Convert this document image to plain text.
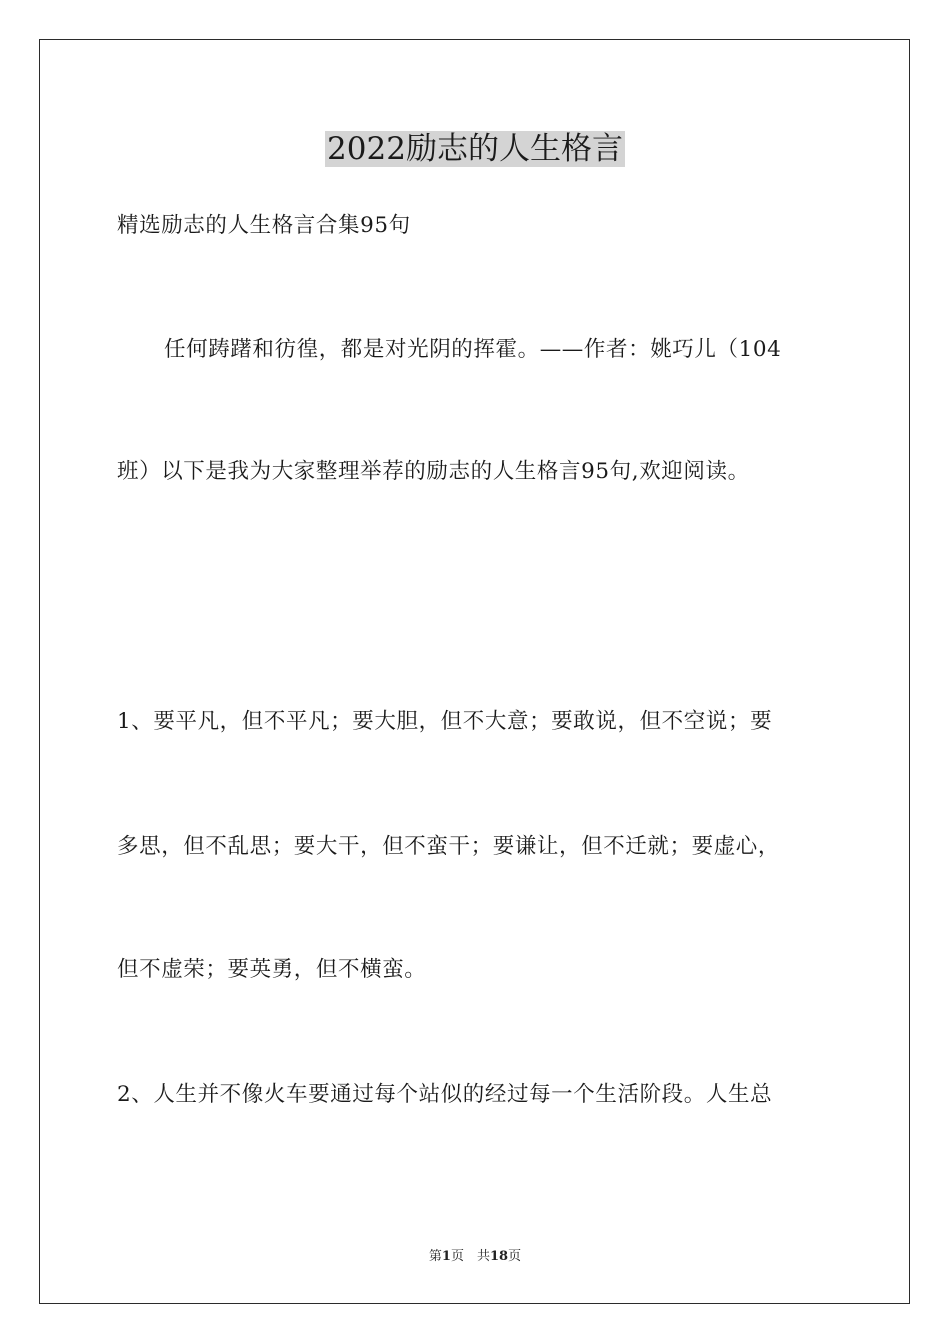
2022励志的人生格言

精选励志的人生格言合集95句

任何踌躇和彷徨，都是对光阴的挥霍。——作者：姚巧儿（104

班）以下是我为大家整理举荐的励志的人生格言95句,欢迎阅读。

1、要平凡，但不平凡；要大胆，但不大意；要敢说，但不空说；要

多思，但不乱思；要大干，但不蛮干；要谦让，但不迁就；要虚心，

但不虚荣；要英勇，但不横蛮。

2、人生并不像火车要通过每个站似的经过每一个生活阶段。人生总

第1页　共18页
